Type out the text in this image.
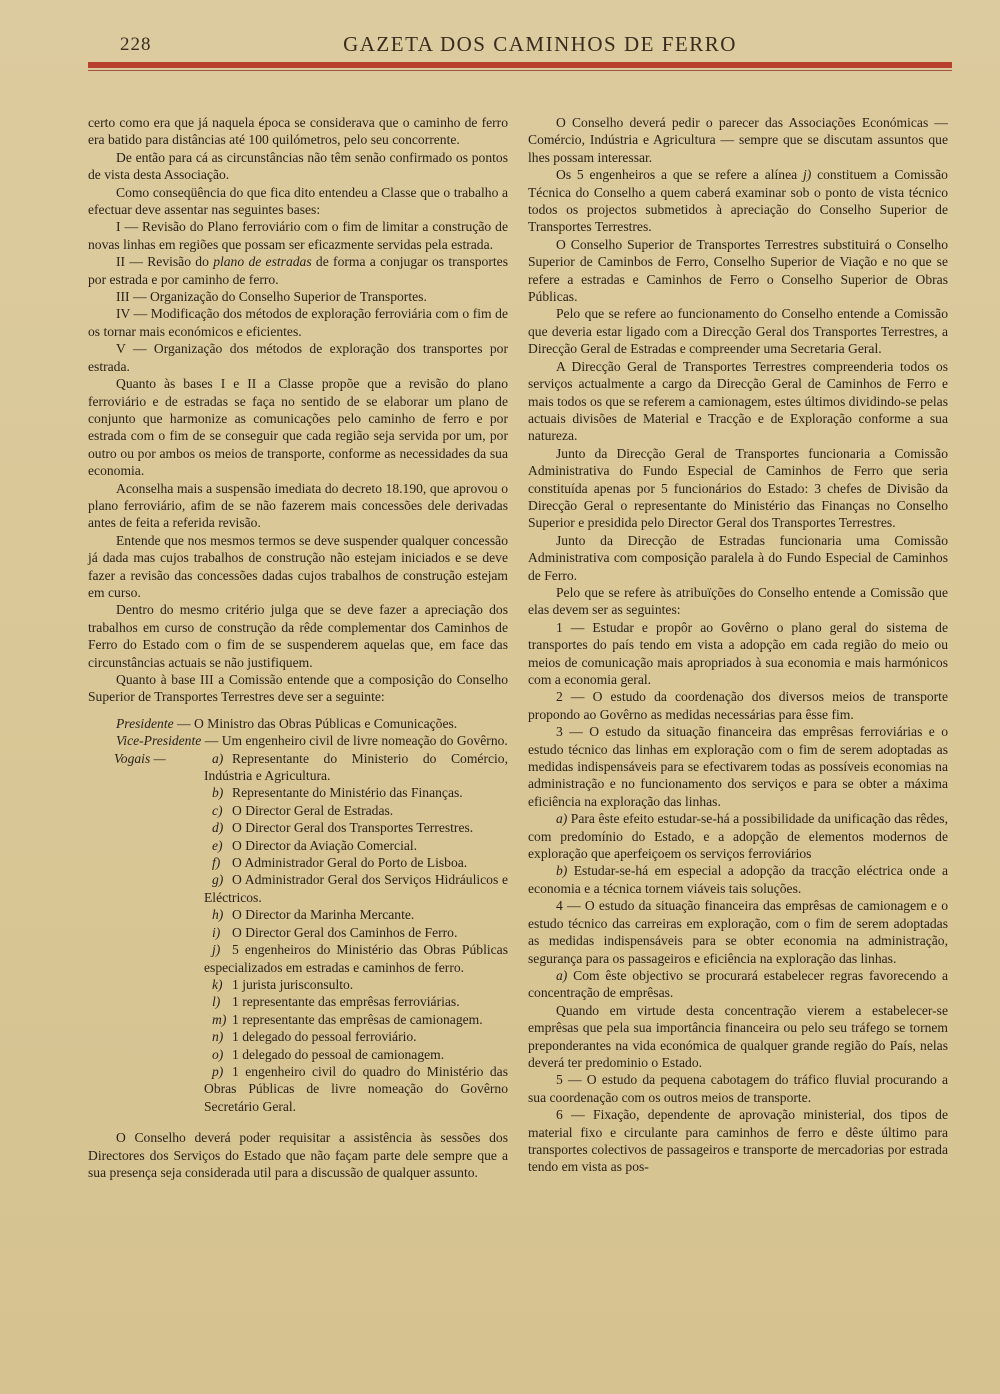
228	GAZETA DOS CAMINHOS DE FERRO

certo como era que já naquela época se considerava que o caminho de ferro era batido para distâncias até 100 quilómetros, pelo seu concorrente.

De então para cá as circunstâncias não têm senão confirmado os pontos de vista desta Associação.

Como conseqüência do que fica dito entendeu a Classe que o trabalho a efectuar deve assentar nas seguintes bases:

I — Revisão do Plano ferroviário com o fim de limitar a construção de novas linhas em regiões que possam ser eficazmente servidas pela estrada.

II — Revisão do plano de estradas de forma a conjugar os transportes por estrada e por caminho de ferro.

III — Organização do Conselho Superior de Transportes.

IV — Modificação dos métodos de exploração ferroviária com o fim de os tornar mais económicos e eficientes.

V — Organização dos métodos de exploração dos transportes por estrada.

Quanto às bases I e II a Classe propõe que a revisão do plano ferroviário e de estradas se faça no sentido de se elaborar um plano de conjunto que harmonize as comunicações pelo caminho de ferro e por estrada com o fim de se conseguir que cada região seja servida por um, por outro ou por ambos os meios de transporte, conforme as necessidades da sua economia.

Aconselha mais a suspensão imediata do decreto 18.190, que aprovou o plano ferroviário, afim de se não fazerem mais concessões dele derivadas antes de feita a referida revisão.

Entende que nos mesmos termos se deve suspender qualquer concessão já dada mas cujos trabalhos de construção não estejam iniciados e se deve fazer a revisão das concessões dadas cujos trabalhos de construção estejam em curso.

Dentro do mesmo critério julga que se deve fazer a apreciação dos trabalhos em curso de construção da rêde complementar dos Caminhos de Ferro do Estado com o fim de se suspenderem aquelas que, em face das circunstâncias actuais se não justifiquem.

Quanto à base III a Comissão entende que a composição do Conselho Superior de Transportes Terrestres deve ser a seguinte:

Presidente — O Ministro das Obras Públicas e Comunicações.

Vice-Presidente — Um engenheiro civil de livre nomeação do Govêrno.

Vogais —	a) Representante do Ministerio do Comércio, Indústria e Agricultura.

b) Representante do Ministério das Finanças.

c) O Director Geral de Estradas.

d) O Director Geral dos Transportes Terrestres.

e) O Director da Aviação Comercial.

f) O Administrador Geral do Porto de Lisboa.

g) O Administrador Geral dos Serviços Hidráulicos e Eléctricos.

h) O Director da Marinha Mercante.

i) O Director Geral dos Caminhos de Ferro.

j) 5 engenheiros do Ministério das Obras Públicas especializados em estradas e caminhos de ferro.

k) 1 jurista jurisconsulto.

l) 1 representante das emprêsas ferroviárias.

m) 1 representante das emprêsas de camionagem.

n) 1 delegado do pessoal ferroviário.

o) 1 delegado do pessoal de camionagem.

p) 1 engenheiro civil do quadro do Ministério das Obras Públicas de livre nomeação do Govêrno Secretário Geral.

O Conselho deverá poder requisitar a assistência às sessões dos Directores dos Serviços do Estado que não façam parte dele sempre que a sua presença seja considerada util para a discussão de qualquer assunto.

O Conselho deverá pedir o parecer das Associações Económicas — Comércio, Indústria e Agricultura — sempre que se discutam assuntos que lhes possam interessar.

Os 5 engenheiros a que se refere a alínea j) constituem a Comissão Técnica do Conselho a quem caberá examinar sob o ponto de vista técnico todos os projectos submetidos à apreciação do Conselho Superior de Transportes Terrestres.

O Conselho Superior de Transportes Terrestres substituirá o Conselho Superior de Caminbos de Ferro, Conselho Superior de Viação e no que se refere a estradas e Caminhos de Ferro o Conselho Superior de Obras Públicas.

Pelo que se refere ao funcionamento do Conselho entende a Comissão que deveria estar ligado com a Direcção Geral dos Transportes Terrestres, a Direcção Geral de Estradas e compreender uma Secretaria Geral.

A Direcção Geral de Transportes Terrestres compreenderia todos os serviços actualmente a cargo da Direcção Geral de Caminhos de Ferro e mais todos os que se referem a camionagem, estes últimos dividindo-se pelas actuais divisões de Material e Tracção e de Exploração conforme a sua natureza.

Junto da Direcção Geral de Transportes funcionaria a Comissão Administrativa do Fundo Especial de Caminhos de Ferro que seria constituída apenas por 5 funcionários do Estado: 3 chefes de Divisão da Direcção Geral o representante do Ministério das Finanças no Conselho Superior e presidida pelo Director Geral dos Transportes Terrestres.

Junto da Direcção de Estradas funcionaria uma Comissão Administrativa com composição paralela à do Fundo Especial de Caminhos de Ferro.

Pelo que se refere às atribuïções do Conselho entende a Comissão que elas devem ser as seguintes:

1 — Estudar e propôr ao Govêrno o plano geral do sistema de transportes do país tendo em vista a adopção em cada região do meio ou meios de comunicação mais apropriados à sua economia e mais harmónicos com a economia geral.

2 — O estudo da coordenação dos diversos meios de transporte propondo ao Govêrno as medidas necessárias para êsse fim.

3 — O estudo da situação financeira das emprêsas ferroviárias e o estudo técnico das linhas em exploração com o fim de serem adoptadas as medidas indispensáveis para se efectivarem todas as possíveis economias na administração e no funcionamento dos serviços e para se obter a máxima eficiência na exploração das linhas.

a) Para êste efeito estudar-se-há a possibilidade da unificação das rêdes, com predomínio do Estado, e a adopção de elementos modernos de exploração que aperfeiçoem os serviços ferroviários

b) Estudar-se-há em especial a adopção da tracção eléctrica onde a economia e a técnica tornem viáveis tais soluções.

4 — O estudo da situação financeira das emprêsas de camionagem e o estudo técnico das carreiras em exploração, com o fim de serem adoptadas as medidas indispensáveis para se obter economia na administração, segurança para os passageiros e eficiência na exploração das linhas.

a) Com êste objectivo se procurará estabelecer regras favorecendo a concentração de emprêsas.

Quando em virtude desta concentração vierem a estabelecer-se emprêsas que pela sua importância financeira ou pelo seu tráfego se tornem preponderantes na vida económica de qualquer grande região do País, nelas deverá ter predominio o Estado.

5 — O estudo da pequena cabotagem do tráfico fluvial procurando a sua coordenação com os outros meios de transporte.

6 — Fixação, dependente de aprovação ministerial, dos tipos de material fixo e circulante para caminhos de ferro e dêste último para transportes colectivos de passageiros e transporte de mercadorias por estrada tendo em vista as pos-
